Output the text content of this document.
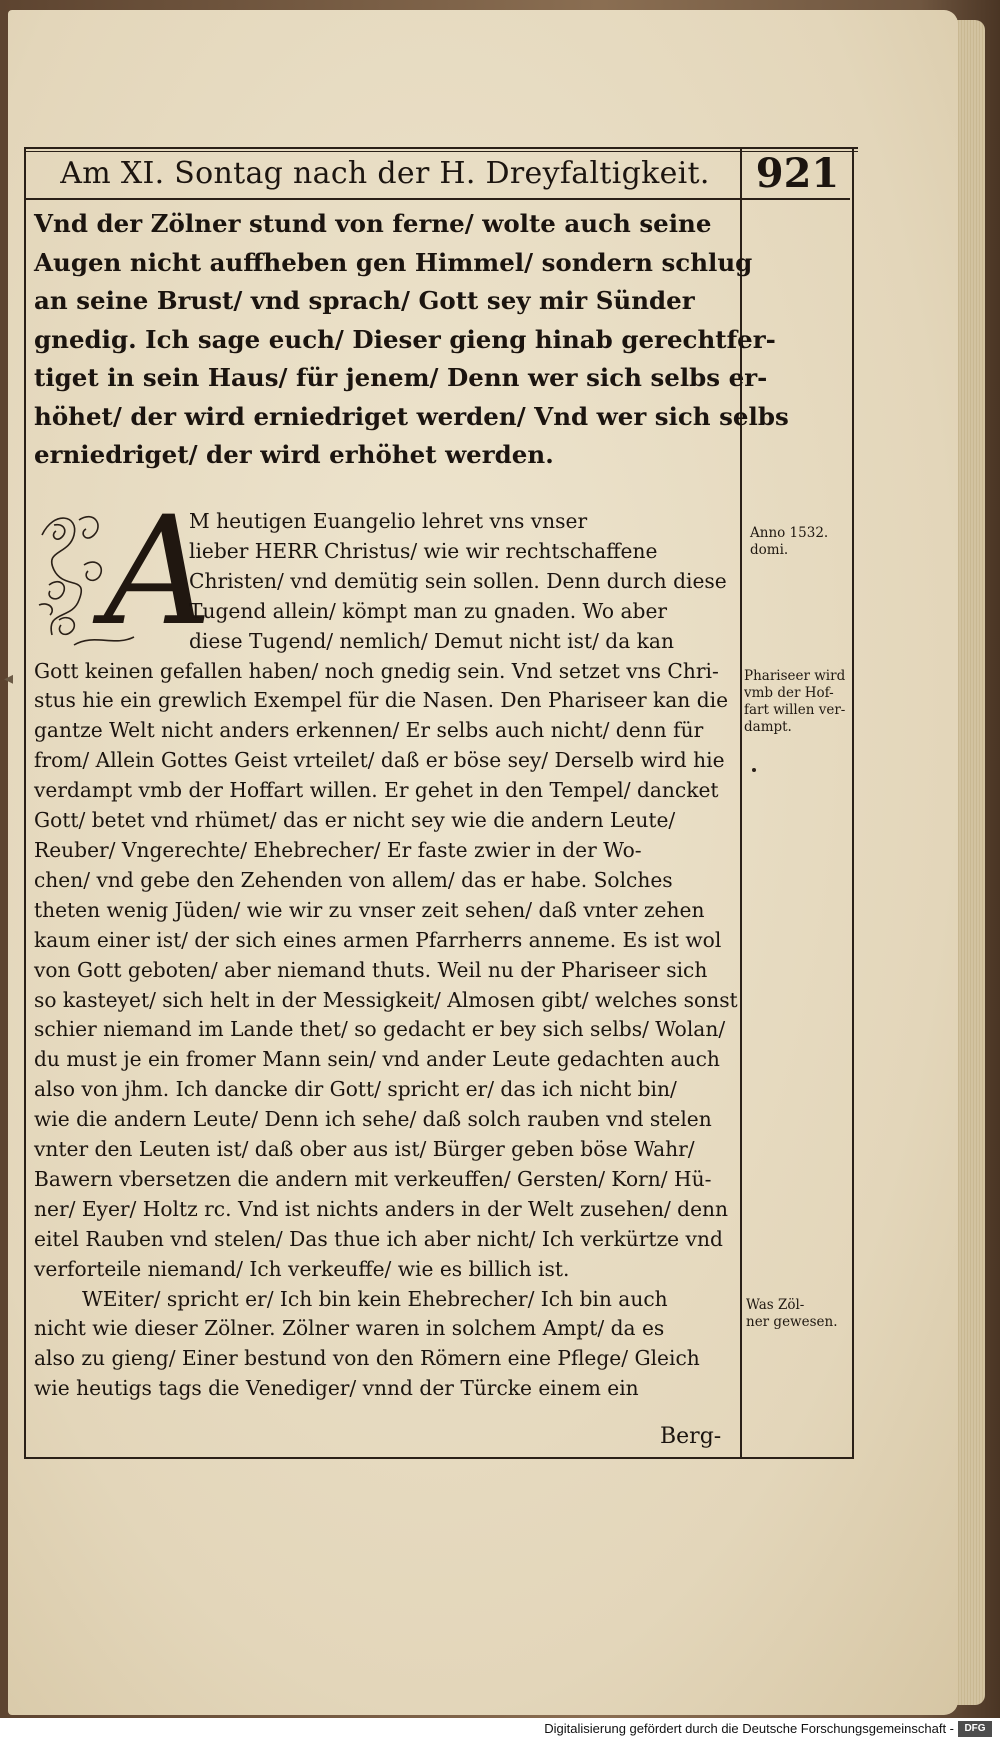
Am XI. Sontag nach der H. Dreyfaltigkeit.	921

Vnd der Zölner stund von ferne/ wolte auch seine
Augen nicht auffheben gen Himmel/ sondern schlug
an seine Brust/ vnd sprach/ Gott sey mir Sünder
gnedig. Ich sage euch/ Dieser gieng hinab gerechtfer-
tiget in sein Haus/ für jenem/ Denn wer sich selbs er-
höhet/ der wird erniedriget werden/ Vnd wer sich selbs
erniedriget/ der wird erhöhet werden.

A
M heutigen Euangelio lehret vns vnser
lieber HERR Christus/ wie wir rechtschaffene
Christen/ vnd demütig sein sollen. Denn durch diese
Tugend allein/ kömpt man zu gnaden. Wo aber
diese Tugend/ nemlich/ Demut nicht ist/ da kan
Gott keinen gefallen haben/ noch gnedig sein. Vnd setzet vns Chri-
stus hie ein grewlich Exempel für die Nasen. Den Phariseer kan die
gantze Welt nicht anders erkennen/ Er selbs auch nicht/ denn für
from/ Allein Gottes Geist vrteilet/ daß er böse sey/ Derselb wird hie
verdampt vmb der Hoffart willen. Er gehet in den Tempel/ dancket
Gott/ betet vnd rhümet/ das er nicht sey wie die andern Leute/
Reuber/ Vngerechte/ Ehebrecher/ Er faste zwier in der Wo-
chen/ vnd gebe den Zehenden von allem/ das er habe. Solches
theten wenig Jüden/ wie wir zu vnser zeit sehen/ daß vnter zehen
kaum einer ist/ der sich eines armen Pfarrherrs anneme. Es ist wol
von Gott geboten/ aber niemand thuts. Weil nu der Phariseer sich
so kasteyet/ sich helt in der Messigkeit/ Almosen gibt/ welches sonst
schier niemand im Lande thet/ so gedacht er bey sich selbs/ Wolan/
du must je ein fromer Mann sein/ vnd ander Leute gedachten auch
also von jhm. Ich dancke dir Gott/ spricht er/ das ich nicht bin/
wie die andern Leute/ Denn ich sehe/ daß solch rauben vnd stelen
vnter den Leuten ist/ daß ober aus ist/ Bürger geben böse Wahr/
Bawern vbersetzen die andern mit verkeuffen/ Gersten/ Korn/ Hü-
ner/ Eyer/ Holtz rc. Vnd ist nichts anders in der Welt zusehen/ denn
eitel Rauben vnd stelen/ Das thue ich aber nicht/ Ich verkürtze vnd
verforteile niemand/ Ich verkeuffe/ wie es billich ist.
WEiter/ spricht er/ Ich bin kein Ehebrecher/ Ich bin auch
nicht wie dieser Zölner. Zölner waren in solchem Ampt/ da es
also zu gieng/ Einer bestund von den Römern eine Pflege/ Gleich
wie heutigs tags die Venediger/ vnnd der Türcke einem ein
Berg-
Anno 1532.
domi.
Phariseer wird
vmb der Hof-
fart willen ver-
dampt.
Was Zöl-
ner gewesen.
◂
Digitalisierung gefördert durch die Deutsche Forschungsgemeinschaft -	DFG
